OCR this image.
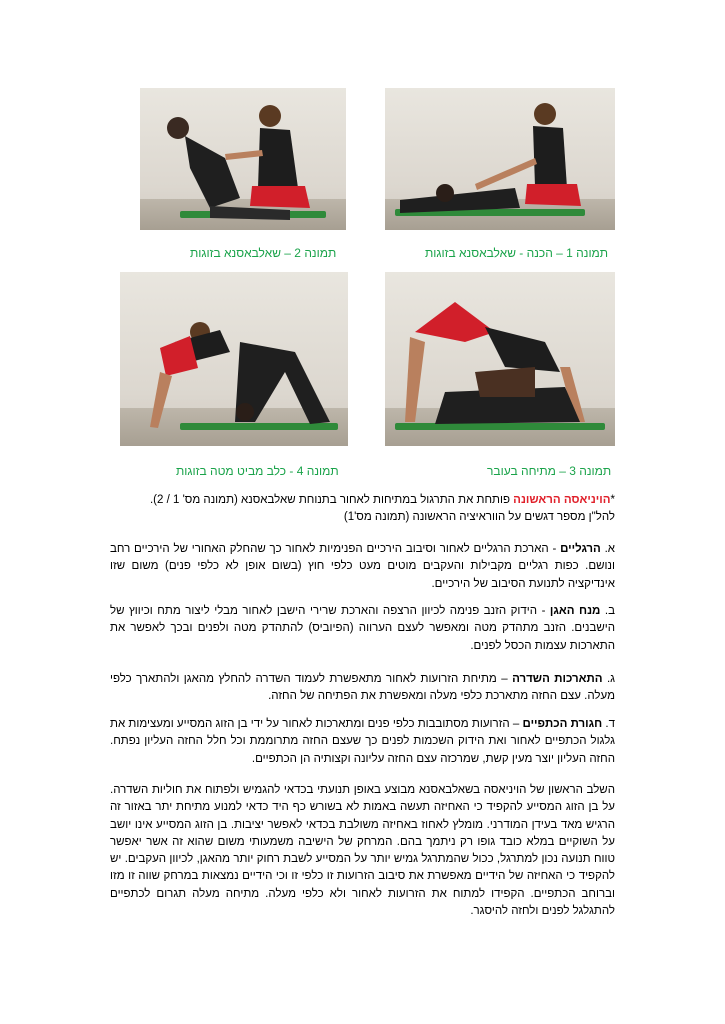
תמונה 2 – שאלבאסנא בזוגות	תמונה 1 – הכנה - שאלבאסנא בזוגות
תמונה 4 - כלב מביט מטה בזוגות	תמונה 3 – מתיחה בעובר

*הויניאסה הראשונה פותחת את התרגול במתיחות לאחור בתנוחת שאלבאסנא (תמונה מס' 1 / 2).

להל"ן מספר דגשים על הווראיציה הראשונה (תמונה מס'1)

א. הרגליים - הארכת הרגליים לאחור וסיבוב הירכיים הפנימיות לאחור כך שהחלק האחורי של הירכיים רחב ונושם. כפות רגליים מקבילות והעקבים מוטים מעט כלפי חוץ (בשום אופן לא כלפי פנים) משום שזו אינדיקציה לתנועת הסיבוב של הירכיים.

ב. מנח האגן - הידוק הזנב פנימה לכיוון הרצפה והארכת שרירי הישבן לאחור מבלי ליצור מתח וכיווץ של הישבנים. הזנב מתהדק מטה ומאפשר לעצם הערווה (הפיוביס) להתהדק מטה ולפנים ובכך לאפשר את התארכות עצמות הכסל לפנים.

ג. התארכות השדרה – מתיחת הזרועות לאחור מתאפשרת לעמוד השדרה להחלץ מהאגן ולהתארך כלפי מעלה. עצם החזה מתארכת כלפי מעלה ומאפשרת את הפתיחה של החזה.

ד. חגורת הכתפיים – הזרועות מסתובבות כלפי פנים ומתארכות לאחור על ידי בן הזוג המסייע ומעצימות את גלגול הכתפיים לאחור ואת הידוק השכמות לפנים כך שעצם החזה מתרוממת וכל חלל החזה העליון נפתח. החזה העליון יוצר מעין קשת, שמרכזה עצם החזה עליונה וקצותיה הן הכתפיים.

השלב הראשון של הויניאסה בשאלבאסנא מבוצע באופן תנועתי בכדאי להגמיש ולפתוח את חוליות השדרה. על בן הזוג המסייע להקפיד כי האחיזה תעשה באמות לא בשורש כף היד כדאי למנוע מתיחת יתר באזור זה הרגיש מאד בעידן המודרני. מומלץ לאחוז באחיזה משולבת בכדאי לאפשר יציבות. בן הזוג המסייע אינו יושב על השוקיים במלא כובד גופו רק ניתמך בהם. המרחק של הישיבה משמעותי משום שהוא זה אשר יאפשר טווח תנועה נכון למתרגל, ככול שהמתרגל גמיש יותר על המסייע לשבת רחוק יותר מהאגן, לכיוון העקבים. יש להקפיד כי האחיזה של הידיים מאפשרת את סיבוב הזרועות זו כלפי זו וכי הידיים נמצאות במרחק שווה זו מזו וברוחב הכתפיים. הקפידו למתוח את הזרועות לאחור ולא כלפי מעלה. מתיחה מעלה תגרום לכתפיים להתגלגל לפנים ולחזה להיסגר.
